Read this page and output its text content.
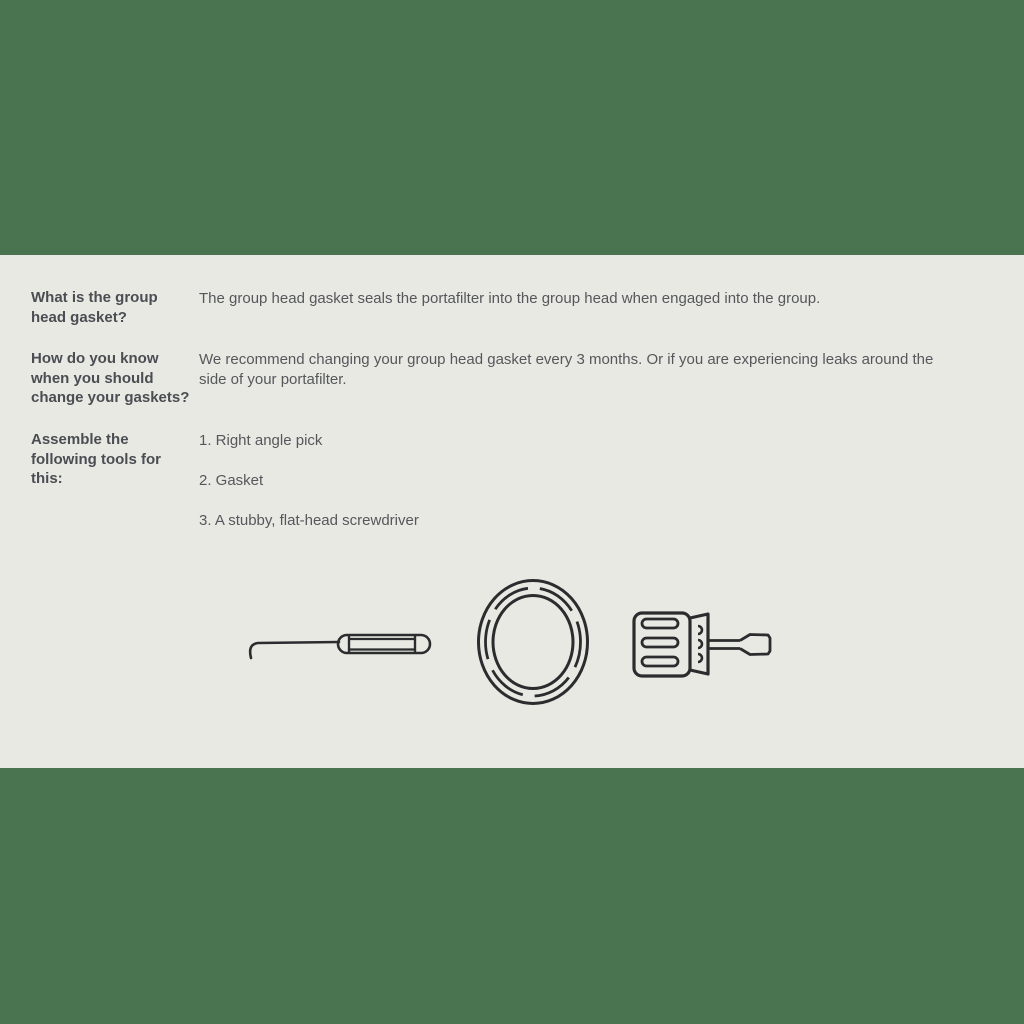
What is the group
head gasket?
The group head gasket seals the portafilter into the group head when engaged into the group.
How do you know
when you should
change your gaskets?
We recommend changing your group head gasket every 3 months. Or if you are experiencing leaks around the
side of your portafilter.
Assemble the
following tools for
this:
1. Right angle pick
2. Gasket
3. A stubby, flat-head screwdriver
